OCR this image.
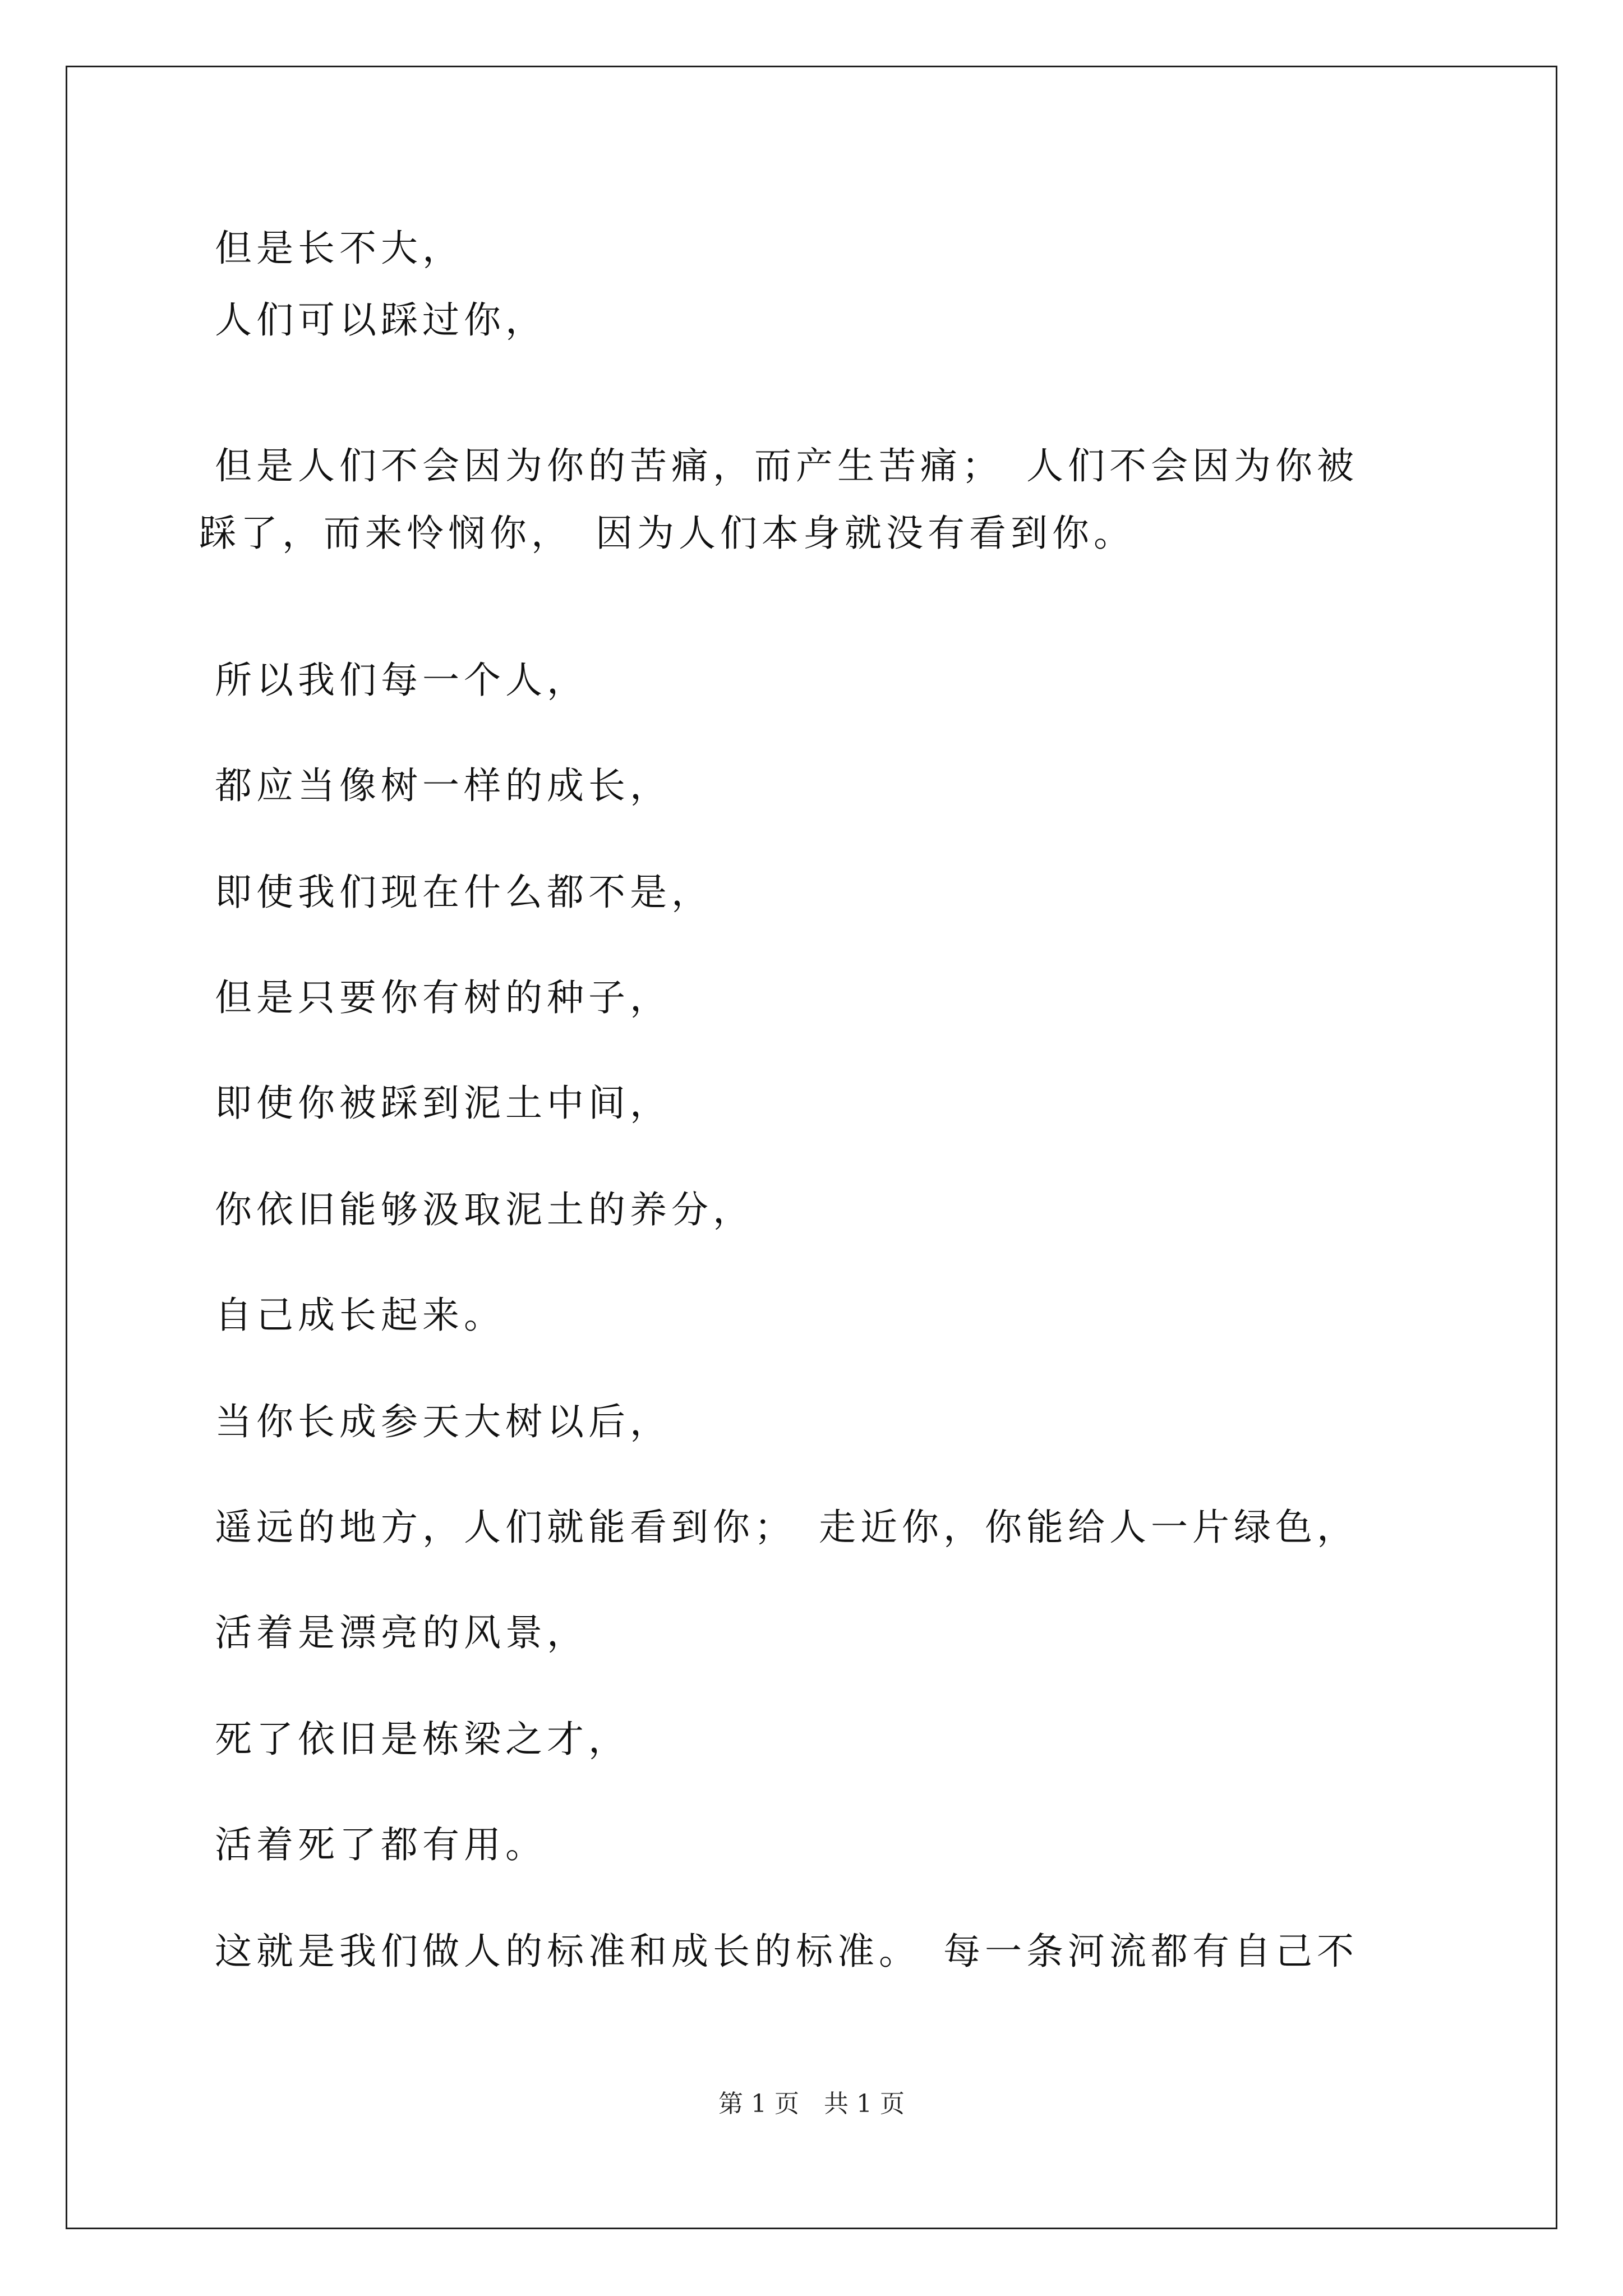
但是长不大，
人们可以踩过你，
但是人们不会因为你的苦痛，而产生苦痛；　人们不会因为你被
踩了，而来怜悯你，　因为人们本身就没有看到你。
所以我们每一个人，
都应当像树一样的成长，
即使我们现在什么都不是，
但是只要你有树的种子，
即使你被踩到泥土中间，
你依旧能够汲取泥土的养分，
自己成长起来。
当你长成参天大树以后，
遥远的地方，人们就能看到你；　走近你，你能给人一片绿色，
活着是漂亮的风景，
死了依旧是栋梁之才，
活着死了都有用。
这就是我们做人的标准和成长的标准。　每一条河流都有自己不
第 1 页　共 1 页
